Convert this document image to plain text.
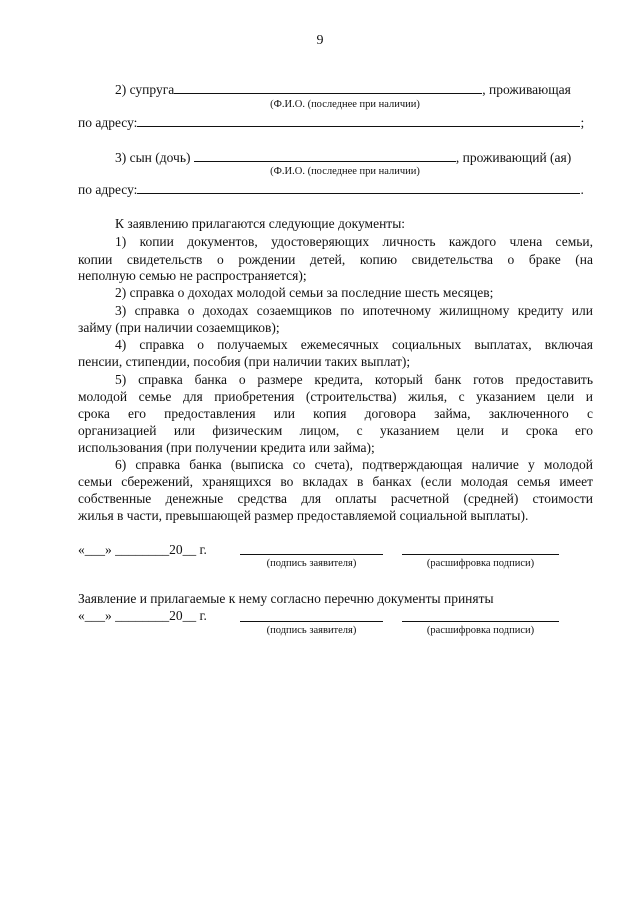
9
2) супруга	, проживающая
(Ф.И.О. (последнее при наличии)
по адресу:	;
3) сын (дочь)	, проживающий (ая)
(Ф.И.О. (последнее при наличии)
по адресу:	.
К заявлению прилагаются следующие документы:
1) копии документов, удостоверяющих личность каждого члена семьи,
копии свидетельств о рождении детей, копию свидетельства о браке (на
неполную семью не распространяется);
2) справка о доходах молодой семьи за последние шесть месяцев;
3) справка о доходах созаемщиков по ипотечному жилищному кредиту или
займу (при наличии созаемщиков);
4) справка о получаемых ежемесячных социальных выплатах, включая
пенсии, стипендии, пособия (при наличии таких выплат);
5) справка банка о размере кредита, который банк готов предоставить
молодой семье для приобретения (строительства) жилья, с указанием цели и
срока его предоставления или копия договора займа, заключенного с
организацией или физическим лицом, с указанием цели и срока его
использования (при получении кредита или займа);
6) справка банка (выписка со счета), подтверждающая наличие у молодой
семьи сбережений, хранящихся во вкладах в банках (если молодая семья имеет
собственные денежные средства для оплаты расчетной (средней) стоимости
жилья в части, превышающей размер предоставляемой социальной выплаты).
«___» ________20__ г.
(подпись заявителя)	(расшифровка подписи)
Заявление и прилагаемые к нему согласно перечню документы приняты
«___» ________20__ г.
(подпись заявителя)	(расшифровка подписи)
